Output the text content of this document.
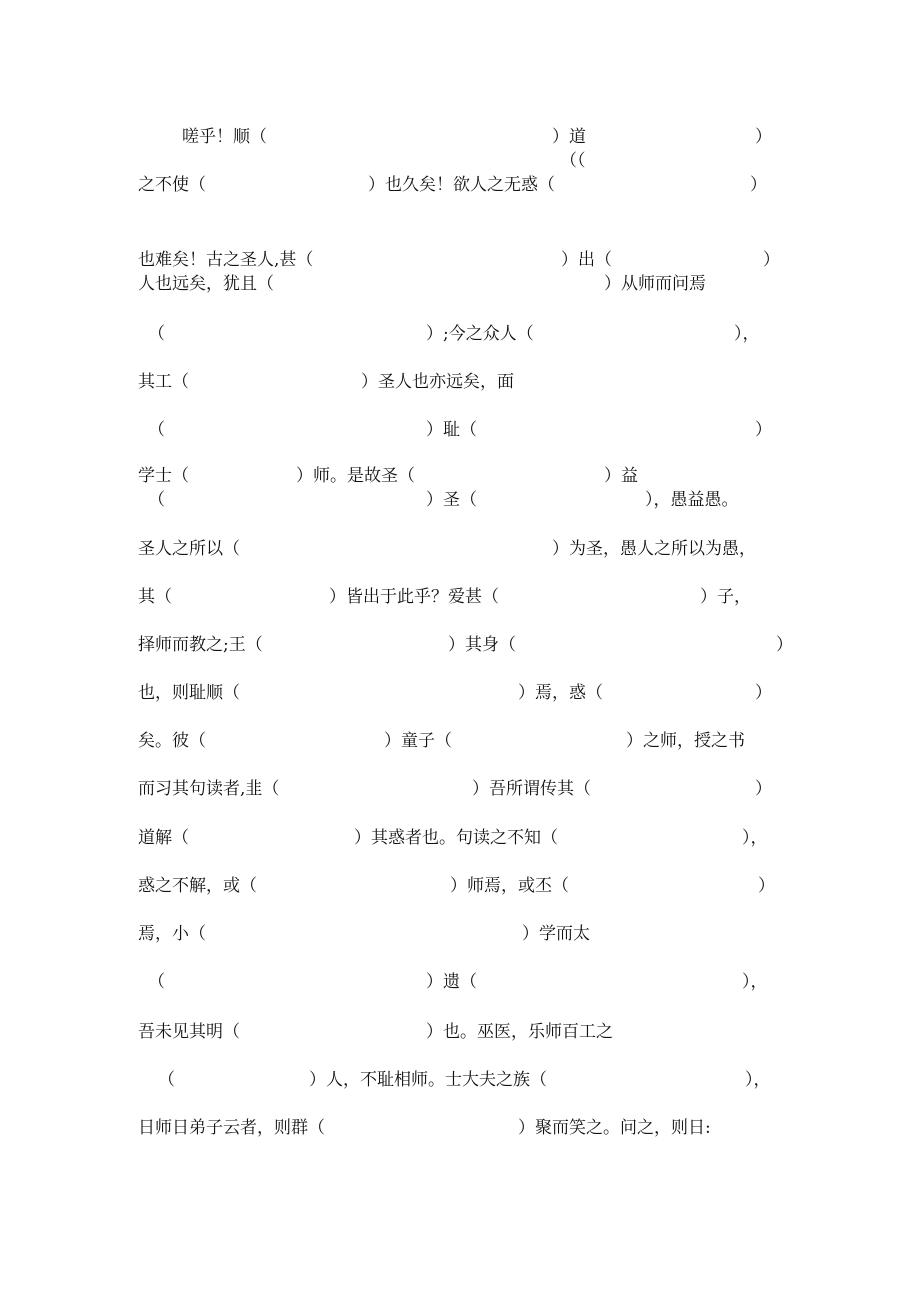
嗟乎！顺（	）道	）
（（
之不使（	）也久矣！欲人之无惑（	）
也难矣！古之圣人,甚（	）出（	）
人也远矣，犹且（	）从师而问焉
（	）;今之众人（	），
其工（	）圣人也亦远矣，面
（	）耻（	）
学士（	）师。是故圣（	）益
（	）圣（	），愚益愚。
圣人之所以（	）为圣，愚人之所以为愚，
其（	）皆出于此乎？爱甚（	）子，
择师而教之;王（	）其身（	）
也，则耻顺（	）焉，惑（	）
矣。彼（	）童子（	）之师，授之书
而习其句读者,韭（	）吾所谓传其（	）
道解（	）其惑者也。句读之不知（	），
惑之不解，或（	）师焉，或丕（	）
焉，小（	）学而太
（	）遗（	），
吾未见其明（	）也。巫医，乐师百工之
（	）人，不耻相师。士大夫之族（	），
日师日弟子云者，则群（	）聚而笑之。问之，则日:
